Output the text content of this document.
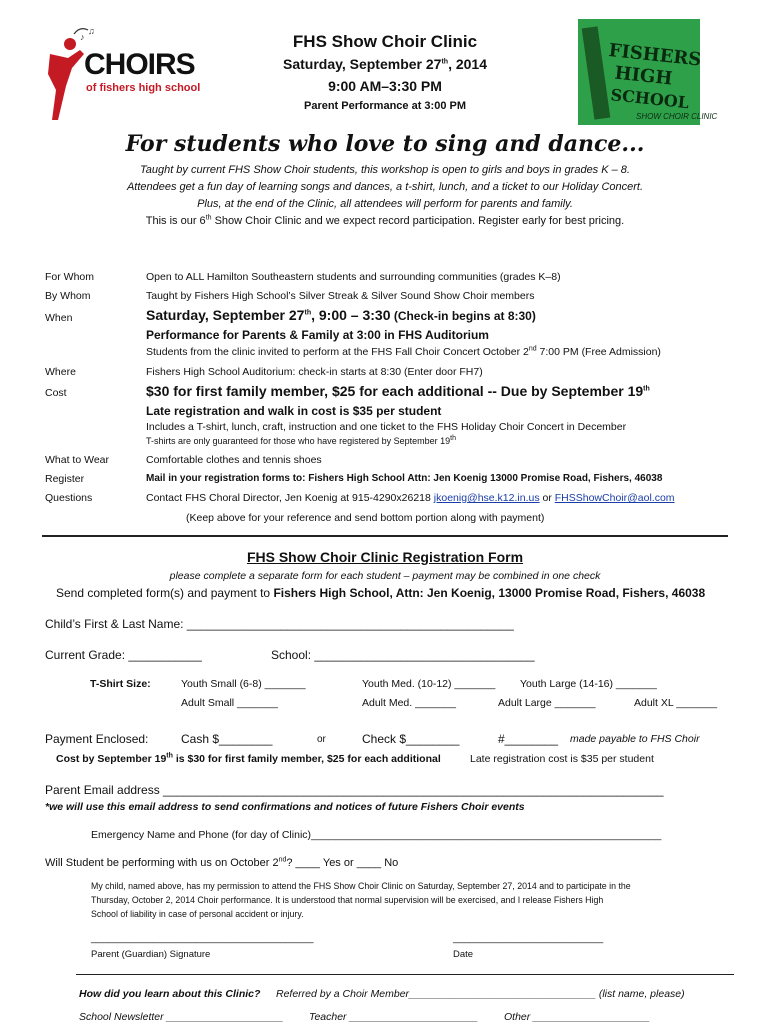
♪
♫
CHOIRS
of fishers high school
FISHERS
HIGH
SCHOOL
SHOW CHOIR CLINIC
FHS Show Choir Clinic
Saturday, September 27th, 2014
9:00 AM–3:30 PM
Parent Performance at 3:00 PM
For students who love to sing and dance...
Taught by current FHS Show Choir students, this workshop is open to girls and boys in grades K – 8.
Attendees get a fun day of learning songs and dances, a t-shirt, lunch, and a ticket to our Holiday Concert.
Plus, at the end of the Clinic, all attendees will perform for parents and family.
This is our 6th Show Choir Clinic and we expect record participation. Register early for best pricing.
For Whom	Open to ALL Hamilton Southeastern students and surrounding communities (grades K–8)
By Whom	Taught by Fishers High School’s Silver Streak & Silver Sound Show Choir members
When	Saturday, September 27th, 9:00 – 3:30 (Check-in begins at 8:30)
Performance for Parents & Family at 3:00 in FHS Auditorium
Students from the clinic invited to perform at the FHS Fall Choir Concert October 2nd 7:00 PM (Free Admission)
Where	Fishers High School Auditorium: check-in starts at 8:30 (Enter door FH7)
Cost	$30 for first family member, $25 for each additional -- Due by September 19th
Late registration and walk in cost is $35 per student
Includes a T-shirt, lunch, craft, instruction and one ticket to the FHS Holiday Choir Concert in December
T-shirts are only guaranteed for those who have registered by September 19th
What to Wear	Comfortable clothes and tennis shoes
Register	Mail in your registration forms to: Fishers High School Attn: Jen Koenig 13000 Promise Road, Fishers, 46038
Questions	Contact FHS Choral Director, Jen Koenig at 915-4290x26218 jkoenig@hse.k12.in.us or FHSShowChoir@aol.com
(Keep above for your reference and send bottom portion along with payment)
FHS Show Choir Clinic Registration Form
please complete a separate form for each student – payment may be combined in one check
Send completed form(s) and payment to Fishers High School, Attn: Jen Koenig, 13000 Promise Road, Fishers, 46038
Child’s First & Last Name: _________________________________________________
Current Grade: ___________	School: _________________________________
T-Shirt Size:	Youth Small (6-8) _______	Youth Med. (10-12) _______ Youth Large (14-16) _______
Adult Small _______	Adult Med. _______	Adult Large _______	Adult XL _______
Payment Enclosed:	Cash $________	or	Check $________	#________ made payable to FHS Choir
Cost by September 19th is $30 for first family member, $25 for each additional	Late registration cost is $35 per student
Parent Email address ___________________________________________________________________________
*we will use this email address to send confirmations and notices of future Fishers Choir events
Emergency Name and Phone (for day of Clinic)____________________________________________________________
Will Student be performing with us on October 2nd? ____ Yes or ____ No
My child, named above, has my permission to attend the FHS Show Choir Clinic on Saturday, September 27, 2014 and to participate in the
Thursday, October 2, 2014 Choir performance. It is understood that normal supervision will be exercised, and I release Fishers High
School of liability in case of personal accident or injury.
________________________________________
Parent (Guardian) Signature
___________________________
Date
How did you learn about this Clinic? Referred by a Choir Member________________________________ (list name, please)
School Newsletter ____________________ Teacher ______________________ Other ____________________
